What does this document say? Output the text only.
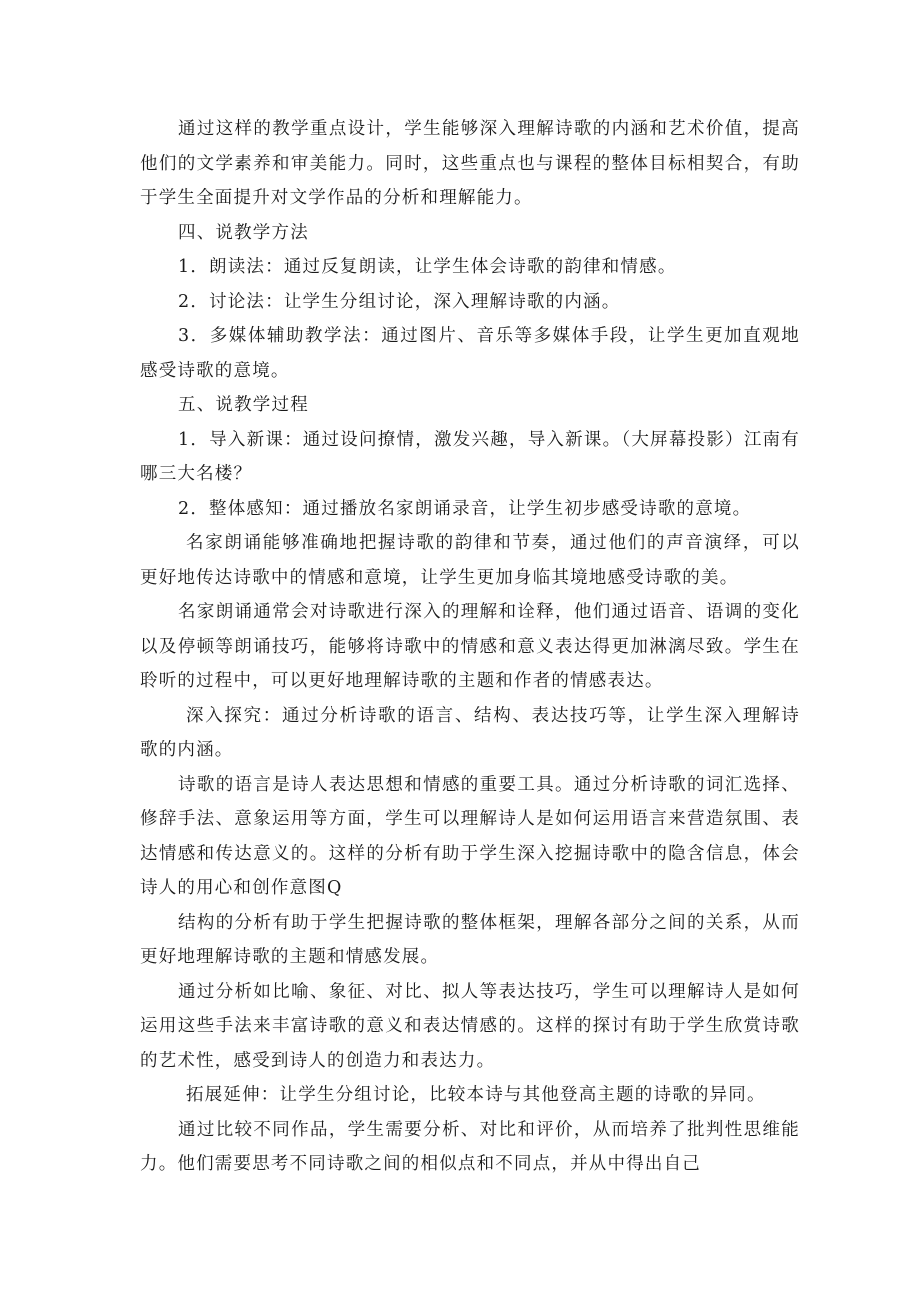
通过这样的教学重点设计，学生能够深入理解诗歌的内涵和艺术价值，提高他们的文学素养和审美能力。同时，这些重点也与课程的整体目标相契合，有助于学生全面提升对文学作品的分析和理解能力。

四、说教学方法

1．朗读法：通过反复朗读，让学生体会诗歌的韵律和情感。

2．讨论法：让学生分组讨论，深入理解诗歌的内涵。

3．多媒体辅助教学法：通过图片、音乐等多媒体手段，让学生更加直观地感受诗歌的意境。

五、说教学过程

1．导入新课：通过设问撩情，激发兴趣，导入新课。（大屏幕投影）江南有哪三大名楼？

2．整体感知：通过播放名家朗诵录音，让学生初步感受诗歌的意境。

名家朗诵能够准确地把握诗歌的韵律和节奏，通过他们的声音演绎，可以更好地传达诗歌中的情感和意境，让学生更加身临其境地感受诗歌的美。

名家朗诵通常会对诗歌进行深入的理解和诠释，他们通过语音、语调的变化以及停顿等朗诵技巧，能够将诗歌中的情感和意义表达得更加淋漓尽致。学生在聆听的过程中，可以更好地理解诗歌的主题和作者的情感表达。

深入探究：通过分析诗歌的语言、结构、表达技巧等，让学生深入理解诗歌的内涵。

诗歌的语言是诗人表达思想和情感的重要工具。通过分析诗歌的词汇选择、修辞手法、意象运用等方面，学生可以理解诗人是如何运用语言来营造氛围、表达情感和传达意义的。这样的分析有助于学生深入挖掘诗歌中的隐含信息，体会诗人的用心和创作意图Q

结构的分析有助于学生把握诗歌的整体框架，理解各部分之间的关系，从而更好地理解诗歌的主题和情感发展。

通过分析如比喻、象征、对比、拟人等表达技巧，学生可以理解诗人是如何运用这些手法来丰富诗歌的意义和表达情感的。这样的探讨有助于学生欣赏诗歌的艺术性，感受到诗人的创造力和表达力。

拓展延伸：让学生分组讨论，比较本诗与其他登高主题的诗歌的异同。

通过比较不同作品，学生需要分析、对比和评价，从而培养了批判性思维能力。他们需要思考不同诗歌之间的相似点和不同点，并从中得出自己
